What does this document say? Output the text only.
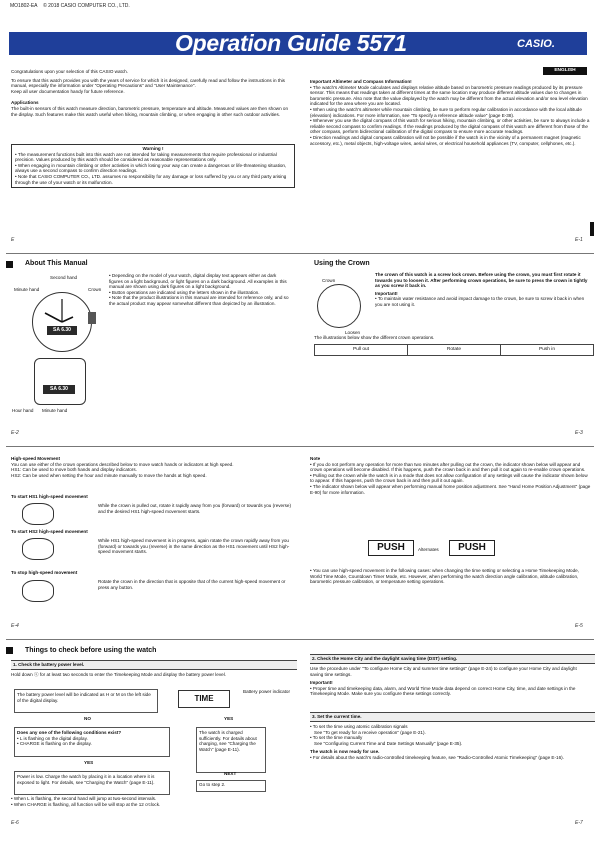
MO1802-EA © 2018 CASIO COMPUTER CO., LTD.
Operation Guide 5571	CASIO.
ENGLISH
Congratulations upon your selection of this CASIO watch.
To ensure that this watch provides you with the years of service for which it is designed, carefully read and follow the instructions in this manual, especially the information under "Operating Precautions" and "User Maintenance".
Keep all user documentation handy for future reference.
Applications
The built-in sensors of this watch measure direction, barometric pressure, temperature and altitude. Measured values are then shown on the display. Such features make this watch useful when hiking, mountain climbing, or when engaging in other such outdoor activities.
Warning !
• The measurement functions built into this watch are not intended for taking measurements that require professional or industrial precision. Values produced by this watch should be considered as reasonable representations only.
• When engaging in mountain climbing or other activities in which losing your way can create a dangerous or life-threatening situation, always use a second compass to confirm direction readings.
• Note that CASIO COMPUTER CO., LTD. assumes no responsibility for any damage or loss suffered by you or any third party arising through the use of your watch or its malfunction.
Important Altimeter and Compass Information!
• The watch's Altimeter Mode calculates and displays relative altitude based on barometric pressure readings produced by its pressure sensor. This means that readings taken at different times at the same location may produce different altitude values due to changes in barometric pressure. Also note that the value displayed by the watch may be different from the actual elevation and/or sea level elevation indicated for the area where you are located.
• When using the watch's altimeter while mountain climbing, be sure to perform regular calibration in accordance with the local altitude (elevation) indications. For more information, see "To specify a reference altitude value" (page E-38).
• Whenever you use the digital compass of this watch for serious hiking, mountain climbing, or other activities, be sure to always include a reliable second compass to confirm readings. If the readings produced by the digital compass of this watch are different from those of the other compass, perform bidirectional calibration of the digital compass to ensure more accurate readings.
• Direction readings and digital compass calibration will not be possible if the watch is in the vicinity of a permanent magnet (magnetic accessory, etc.), metal objects, high-voltage wires, aerial wires, or electrical household appliances (TV, computer, cellphones, etc.).
E	E-1
About This Manual
Second hand
Minute hand	Crown
SA 6.30
SA 6.30
Hour hand Minute hand
• Depending on the model of your watch, digital display text appears either as dark figures on a light background, or light figures on a dark background. All examples in this manual are shown using dark figures on a light background.
• Button operations are indicated using the letters shown in the illustration.
• Note that the product illustrations in this manual are intended for reference only, and so the actual product may appear somewhat different than depicted by an illustration.
Using the Crown
Crown
Loosen
The crown of this watch is a screw lock crown. Before using the crown, you must first rotate it towards you to loosen it. After performing crown operations, be sure to press the crown in tightly as you screw it back in.
Important!
• To maintain water resistance and avoid impact damage to the crown, be sure to screw it back in when you are not using it.
The illustrations below show the different crown operations.
Pull out	Rotate	Push in
E-2	E-3
High-speed Movement
You can use either of the crown operations described below to move watch hands or indicators at high speed.
HS1: Can be used to move both hands and display indicators.
HS2: Can be used when setting the hour and minute manually to move the hands at high speed.
To start HS1 high-speed movement
While the crown is pulled out, rotate it rapidly away from you (forward) or towards you (reverse) and the desired HS1 high-speed movement starts.
To start HS2 high-speed movement
While HS1 high-speed movement is in progress, again rotate the crown rapidly away from you (forward) or towards you (reverse) in the same direction as the HS1 movement until HS2 high-speed movement starts.
To stop high-speed movement
Rotate the crown in the direction that is opposite that of the current high-speed movement or press any button.
Note
• If you do not perform any operation for more than two minutes after pulling out the crown, the indicator shown below will appear and crown operations will become disabled. If this happens, push the crown back in and then pull it out again to re-enable crown operations.
• Pulling out the crown while the watch is in a mode that does not allow configuration of any settings will cause the indicator shown below to appear. If this happens, push the crown back in and then pull it out again.
• The indicator shown below will appear when performing manual home position adjustment. See "Hand Home Position Adjustment" (page E-90) for more information.
PUSH	Alternates	PUSH
• You can use high-speed movement in the following cases: when changing the time setting or selecting a Home Timekeeping Mode, World Time Mode, Countdown Timer Mode, etc. However, when performing the watch direction angle calibration, altitude calibration, barometric pressure calibration, or temperature setting operations.
E-4	E-5
Things to check before using the watch
1. Check the battery power level.
Hold down ⓐ for at least two seconds to enter the Timekeeping Mode and display the battery power level.
The battery power level will be indicated as H or M on the left side of the digital display.	TIME
Battery power indicator
NO	YES
Does any one of the following conditions exist?
• L is flashing on the digital display.
• CHARGE is flashing on the display.
The watch is charged sufficiently. For details about charging, see "Charging the Watch" (page E-11).
YES
NEXT
Power is low. Charge the watch by placing it in a location where it is exposed to light. For details, see "Charging the Watch" (page E-11).	Go to step 2.
• When L is flashing, the second hand will jump at two-second intervals.
• When CHARGE is flashing, all function will be will stop at the 12 o'clock.
2. Check the Home City and the daylight saving time (DST) setting.
Use the procedure under "To configure Home City and summer time settings" (page E-24) to configure your Home City and daylight saving time settings.
Important!
• Proper time and timekeeping data, alarm, and World Time Mode data depend on correct Home City, time, and date settings in the Timekeeping Mode. Make sure you configure these settings correctly.
3. Set the current time.
• To set the time using atomic calibration signals
See "To get ready for a receive operation" (page E-21).
• To set the time manually
See "Configuring Current Time and Date Settings Manually" (page E-35).
The watch is now ready for use.
• For details about the watch's radio-controlled timekeeping feature, see "Radio-Controlled Atomic Timekeeping" (page E-16).
E-6	E-7
